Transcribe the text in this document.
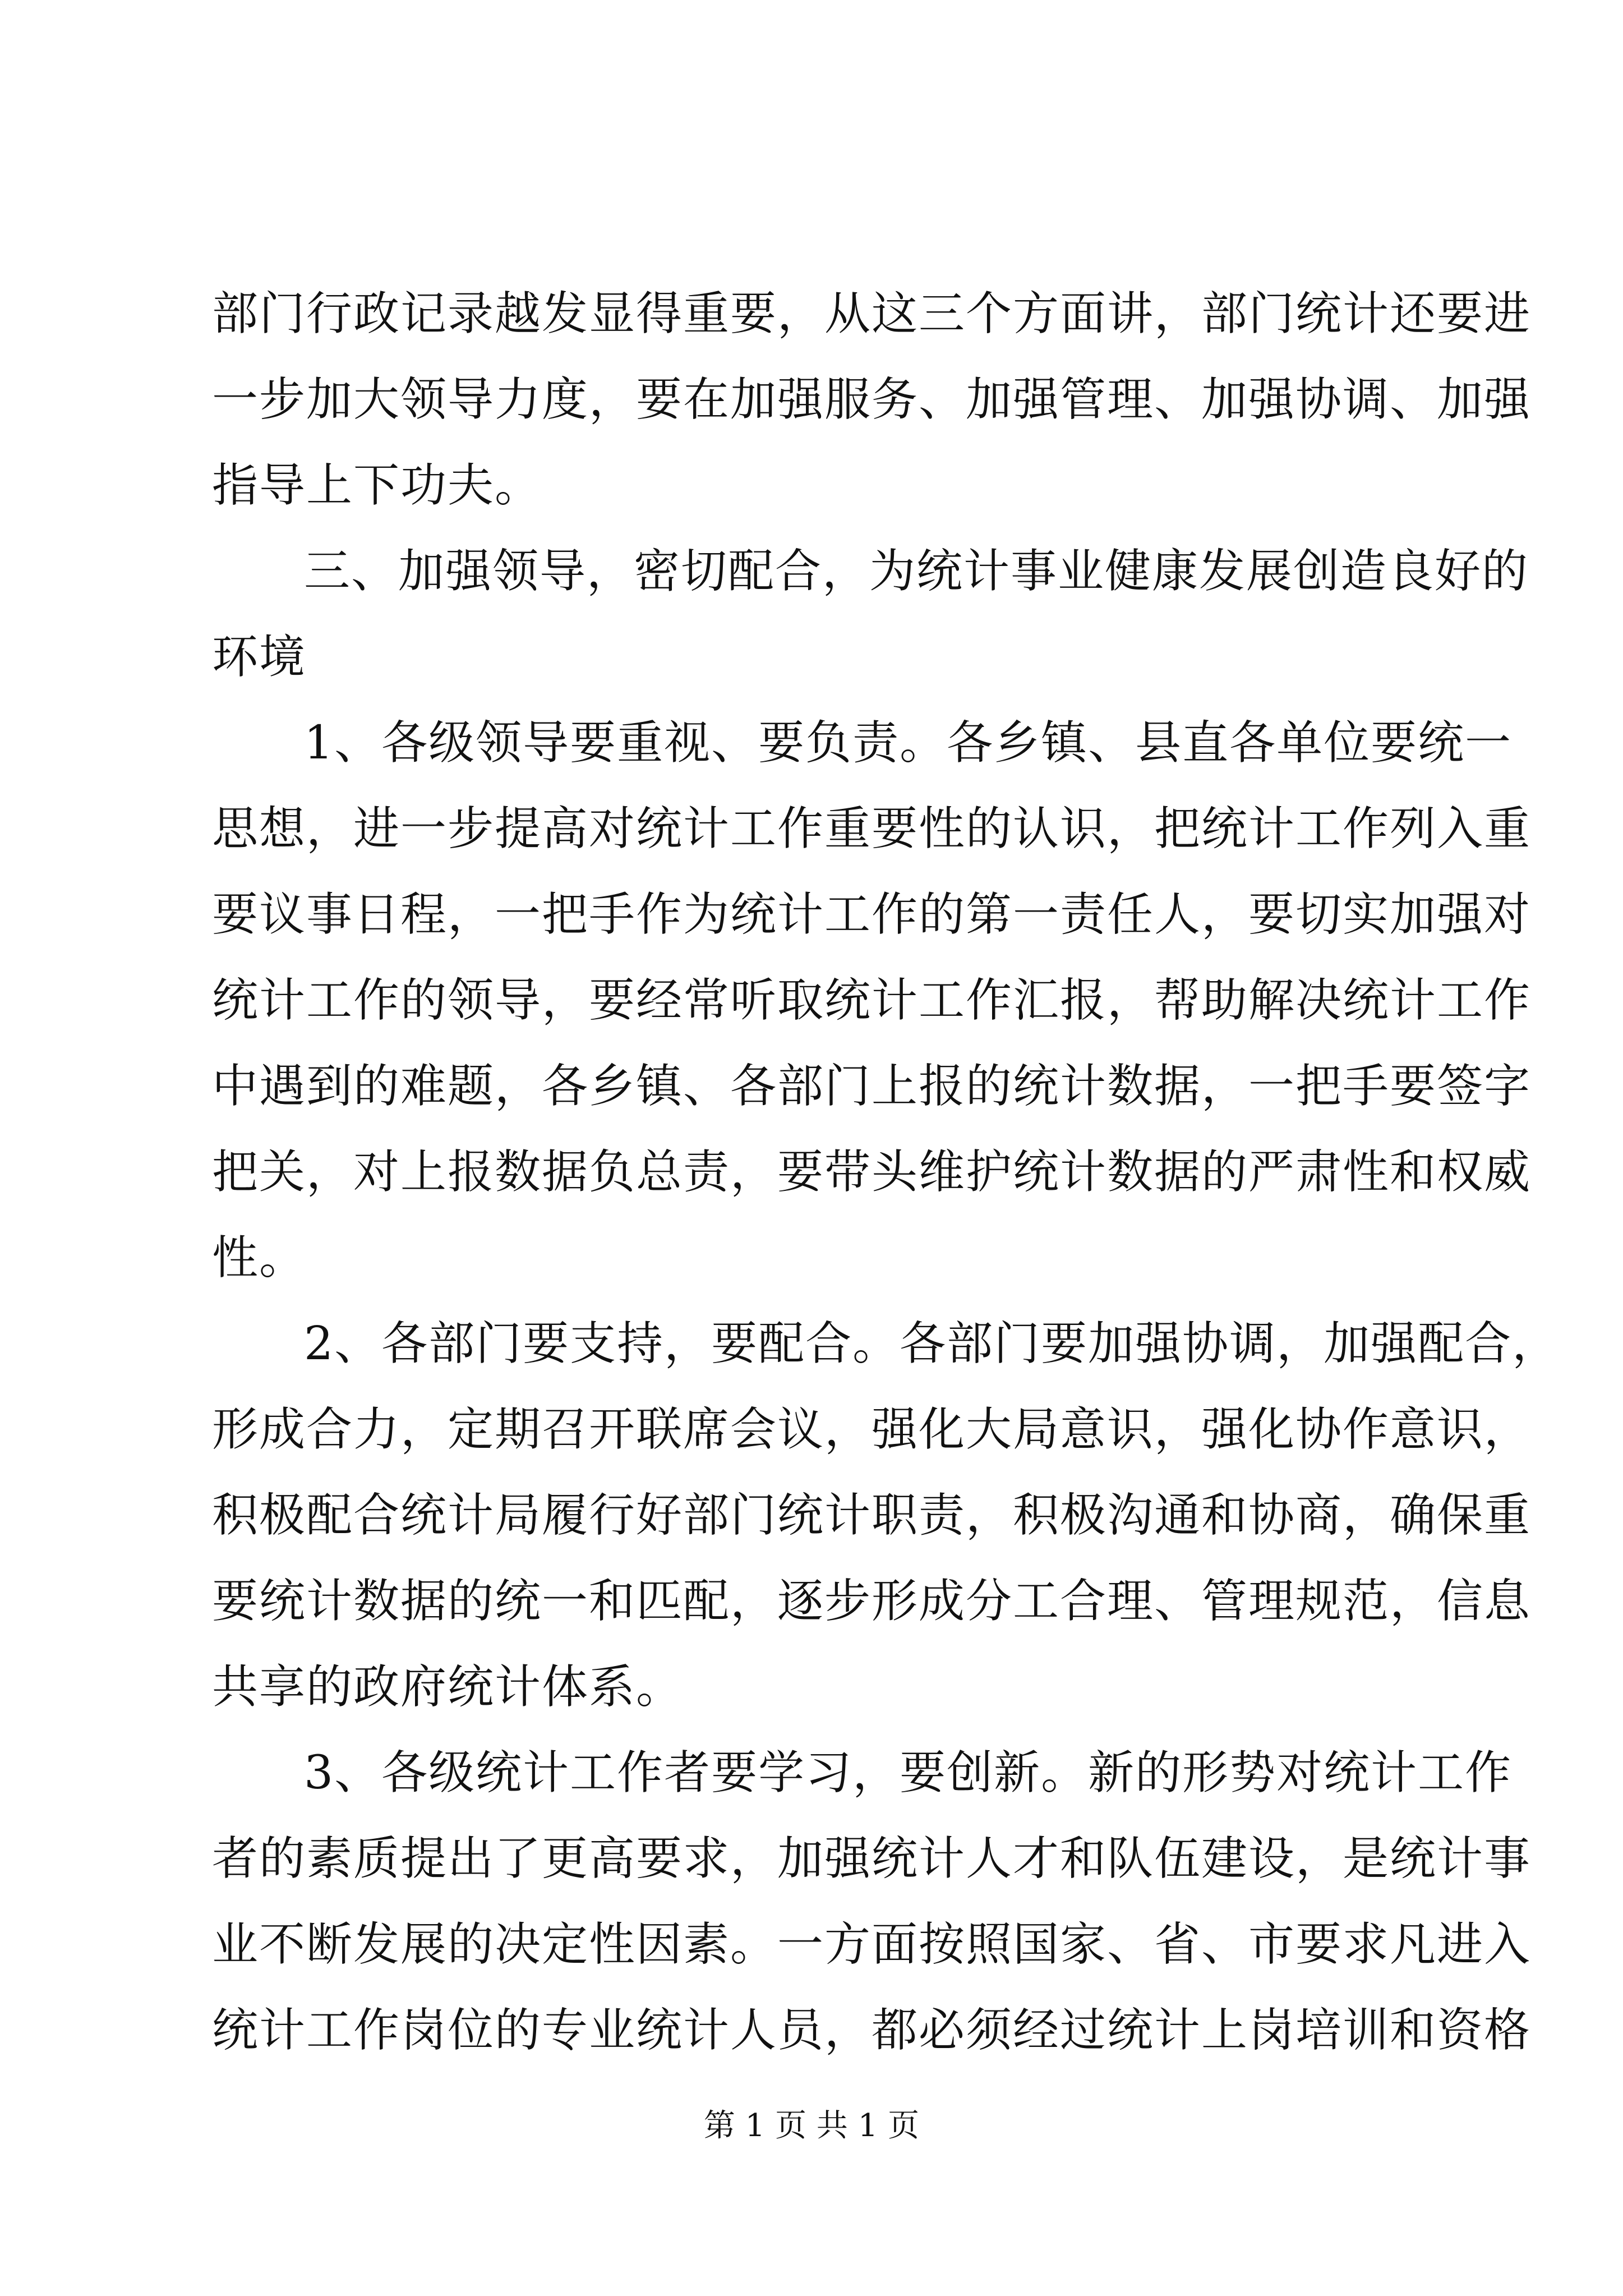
第 1 页 共 1 页
部门行政记录越发显得重要，从这三个方面讲，部门统计还要进
一步加大领导力度，要在加强服务、加强管理、加强协调、加强
指导上下功夫。
三、加强领导，密切配合，为统计事业健康发展创造良好的
环境
1、各级领导要重视、要负责。各乡镇、县直各单位要统一
思想，进一步提高对统计工作重要性的认识，把统计工作列入重
要议事日程，一把手作为统计工作的第一责任人，要切实加强对
统计工作的领导，要经常听取统计工作汇报，帮助解决统计工作
中遇到的难题，各乡镇、各部门上报的统计数据，一把手要签字
把关，对上报数据负总责，要带头维护统计数据的严肃性和权威
性。
2、各部门要支持，要配合。各部门要加强协调，加强配合，
形成合力，定期召开联席会议，强化大局意识，强化协作意识，
积极配合统计局履行好部门统计职责，积极沟通和协商，确保重
要统计数据的统一和匹配，逐步形成分工合理、管理规范，信息
共享的政府统计体系。
3、各级统计工作者要学习，要创新。新的形势对统计工作
者的素质提出了更高要求，加强统计人才和队伍建设，是统计事
业不断发展的决定性因素。一方面按照国家、省、市要求凡进入
统计工作岗位的专业统计人员，都必须经过统计上岗培训和资格
